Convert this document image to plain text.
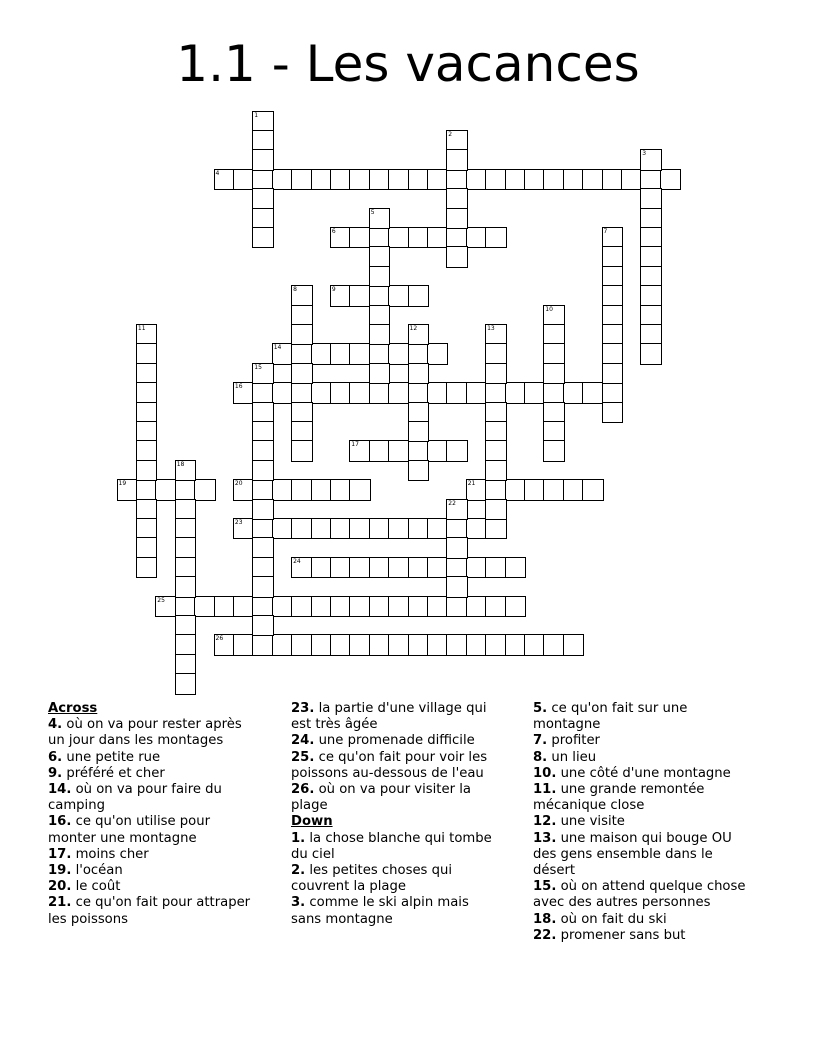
1.1 - Les vacances
4
6
9
14
16
17
19	20	21
23
24
25
26
1
2
3
5
7
8
10
11	12	13
15
18
22
Across
4. où on va pour rester après
un jour dans les montages
6. une petite rue
9. préféré et cher
14. où on va pour faire du
camping
16. ce qu'on utilise pour
monter une montagne
17. moins cher
19. l'océan
20. le coût
21. ce qu'on fait pour attraper
les poissons
23. la partie d'une village qui
est très âgée
24. une promenade difficile
25. ce qu'on fait pour voir les
poissons au-dessous de l'eau
26. où on va pour visiter la
plage
Down
1. la chose blanche qui tombe
du ciel
2. les petites choses qui
couvrent la plage
3. comme le ski alpin mais
sans montagne
5. ce qu'on fait sur une
montagne
7. profiter
8. un lieu
10. une côté d'une montagne
11. une grande remontée
mécanique close
12. une visite
13. une maison qui bouge OU
des gens ensemble dans le
désert
15. où on attend quelque chose
avec des autres personnes
18. où on fait du ski
22. promener sans but
